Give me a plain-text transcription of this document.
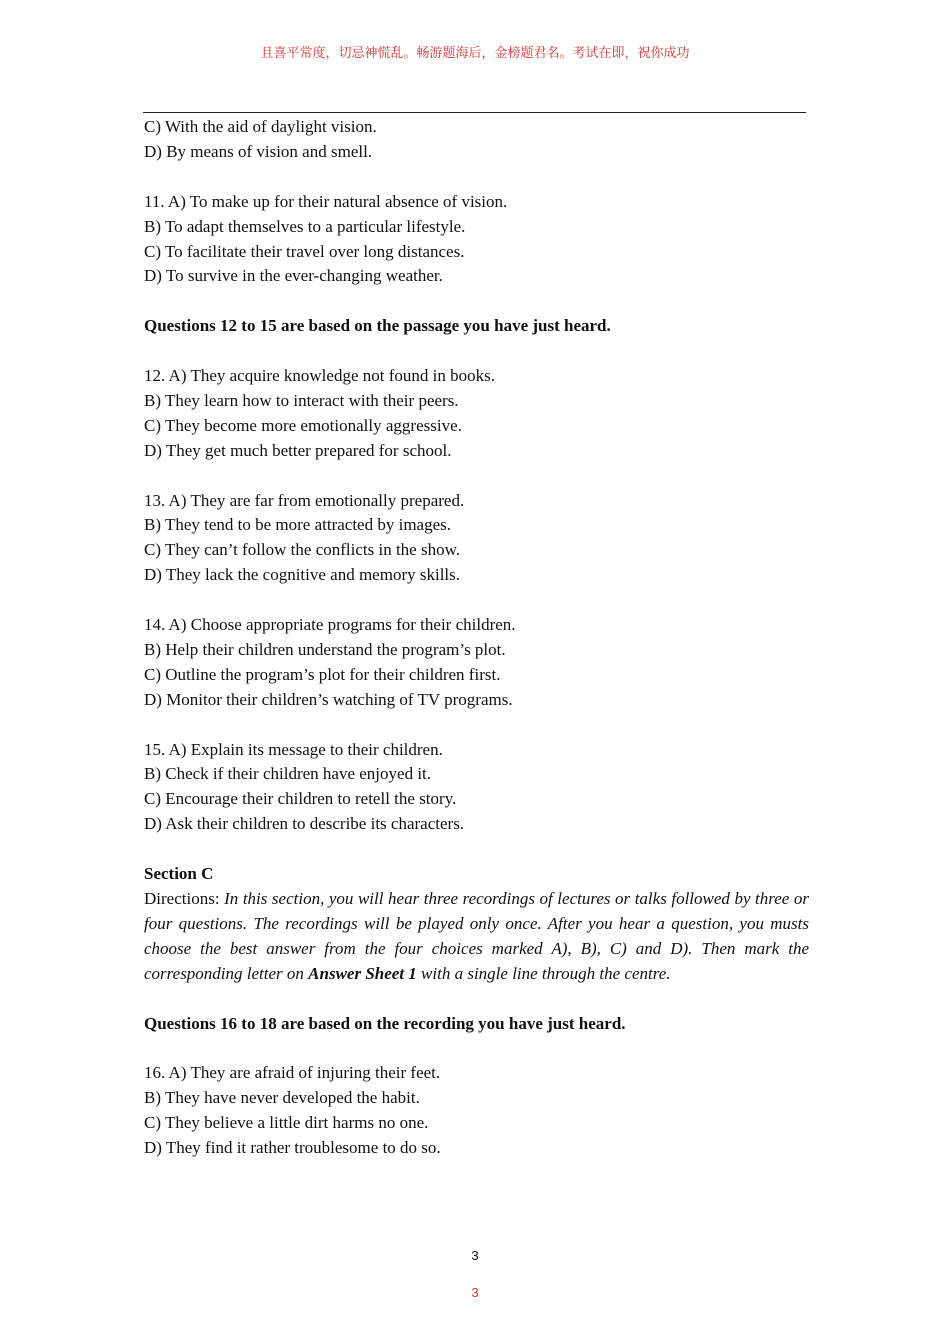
且喜平常度，切忌神慌乱。畅游题海后，金榜题君名。考试在即，祝你成功
C) With the aid of daylight vision.
D) By means of vision and smell.
11. A) To make up for their natural absence of vision.
B) To adapt themselves to a particular lifestyle.
C) To facilitate their travel over long distances.
D) To survive in the ever-changing weather.
Questions 12 to 15 are based on the passage you have just heard.
12. A) They acquire knowledge not found in books.
B) They learn how to interact with their peers.
C) They become more emotionally aggressive.
D) They get much better prepared for school.
13. A) They are far from emotionally prepared.
B) They tend to be more attracted by images.
C) They can’t follow the conflicts in the show.
D) They lack the cognitive and memory skills.
14. A) Choose appropriate programs for their children.
B) Help their children understand the program’s plot.
C) Outline the program’s plot for their children first.
D) Monitor their children’s watching of TV programs.
15. A) Explain its message to their children.
B) Check if their children have enjoyed it.
C) Encourage their children to retell the story.
D) Ask their children to describe its characters.
Section C
Directions: In this section, you will hear three recordings of lectures or talks followed by three or four questions. The recordings will be played only once. After you hear a question, you musts choose the best answer from the four choices marked A), B), C) and D). Then mark the corresponding letter on Answer Sheet 1 with a single line through the centre.
Questions 16 to 18 are based on the recording you have just heard.
16. A) They are afraid of injuring their feet.
B) They have never developed the habit.
C) They believe a little dirt harms no one.
D) They find it rather troublesome to do so.
3
3
